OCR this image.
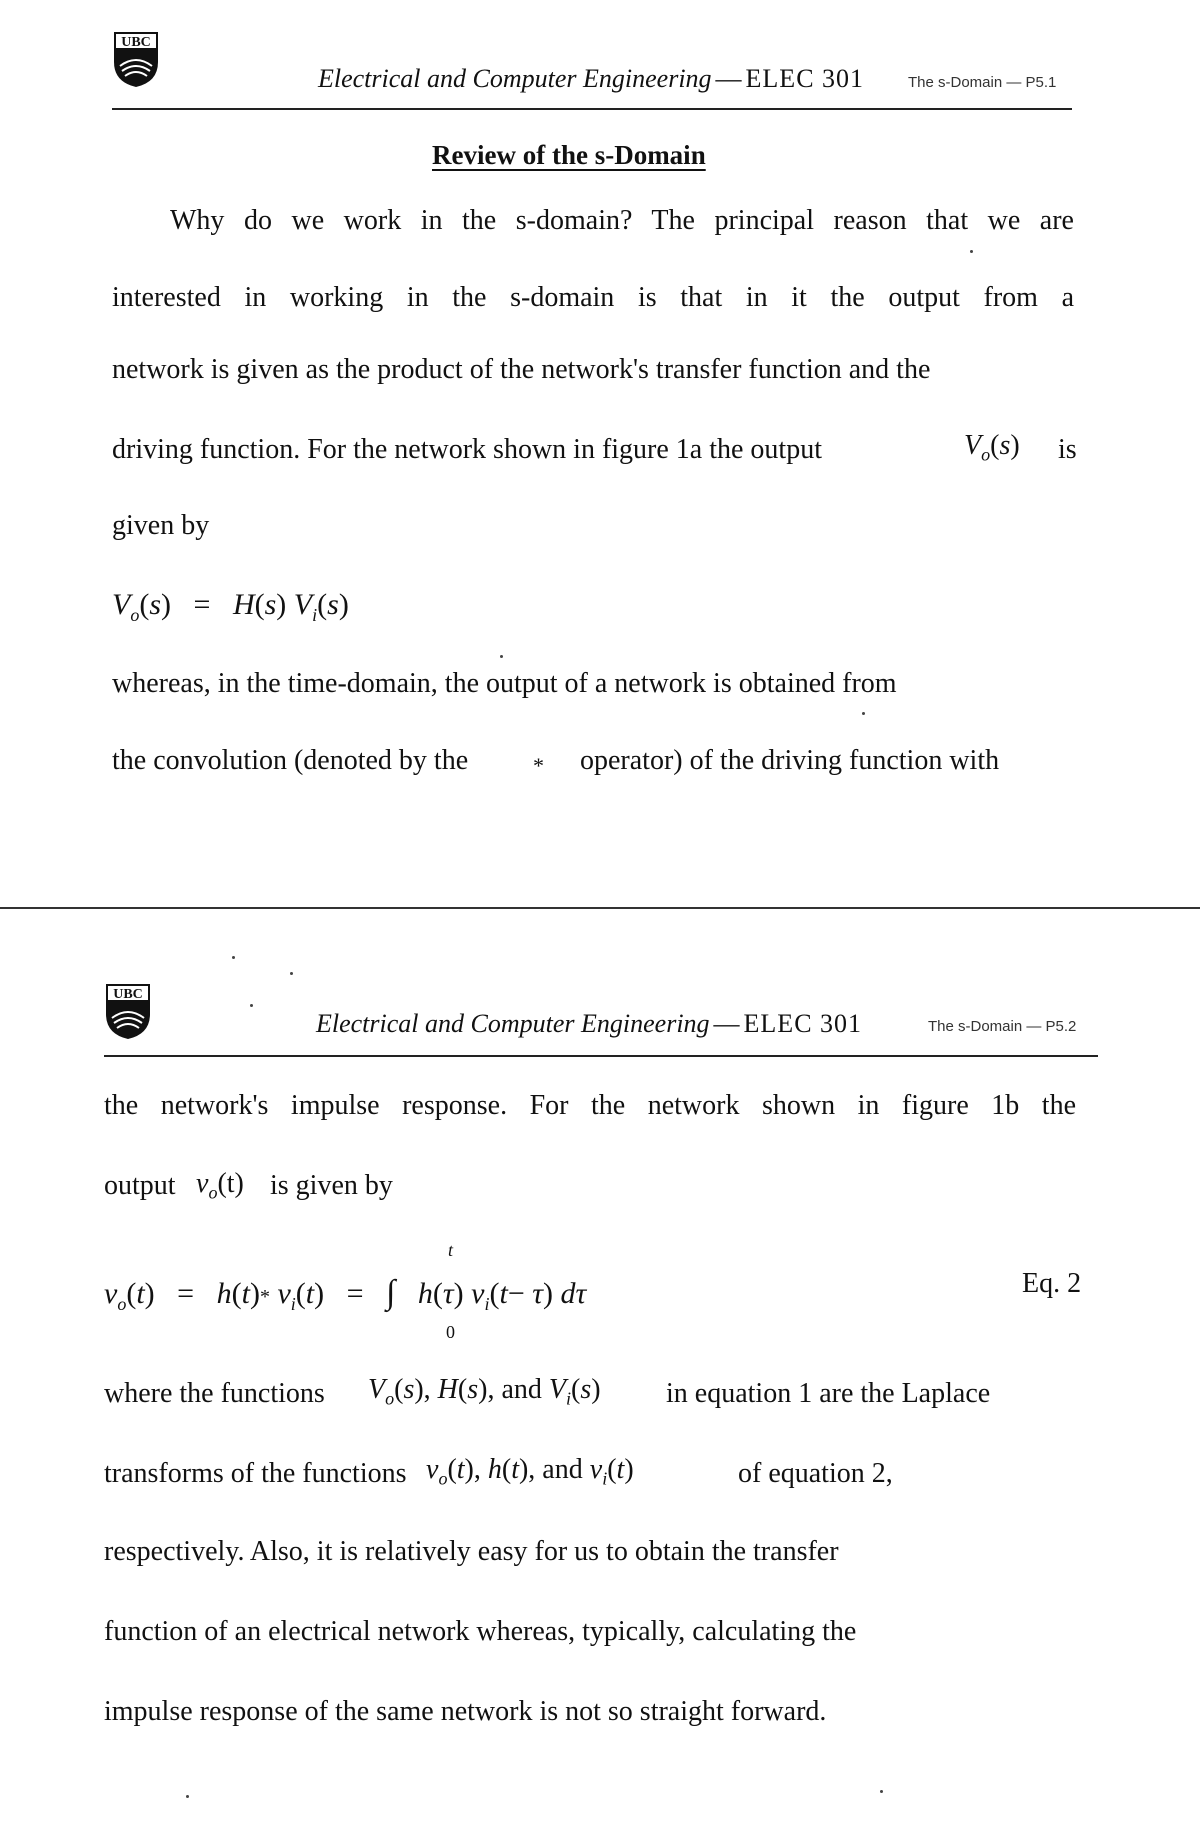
UBC
Electrical and Computer Engineering — ELEC 301	The s-Domain — P5.1
Review of the s-Domain
Why do we work in the s-domain? The principal reason that we are
interested in working in the s-domain is that in it the output from a
network is given as the product of the network's transfer function and the
driving function. For the network shown in figure 1a the output	$V_o(s)$ is
given by
$V_o(s) = H(s)$ $V_i(s)$
whereas, in the time-domain, the output of a network is obtained from
the convolution (denoted by the	* operator) of the driving function with
UBC
Electrical and Computer Engineering — ELEC 301	The s-Domain — P5.2
the network's impulse response. For the network shown in figure 1b the
output $v_o(t)$ is given by
t
$v_o(t) = h(t)*$ $v_i(t)$   =   ∫   h(τ) $v_i(t- \tau)$ dτ
0
Eq. 2
where the functions $V_o(s)$, H(s), and $V_i(s)$ in equation 1 are the Laplace
transforms of the functions $v_o(t)$, h(t), and $v_i(t)$	of equation 2,
respectively. Also, it is relatively easy for us to obtain the transfer
function of an electrical network whereas, typically, calculating the
impulse response of the same network is not so straight forward.
